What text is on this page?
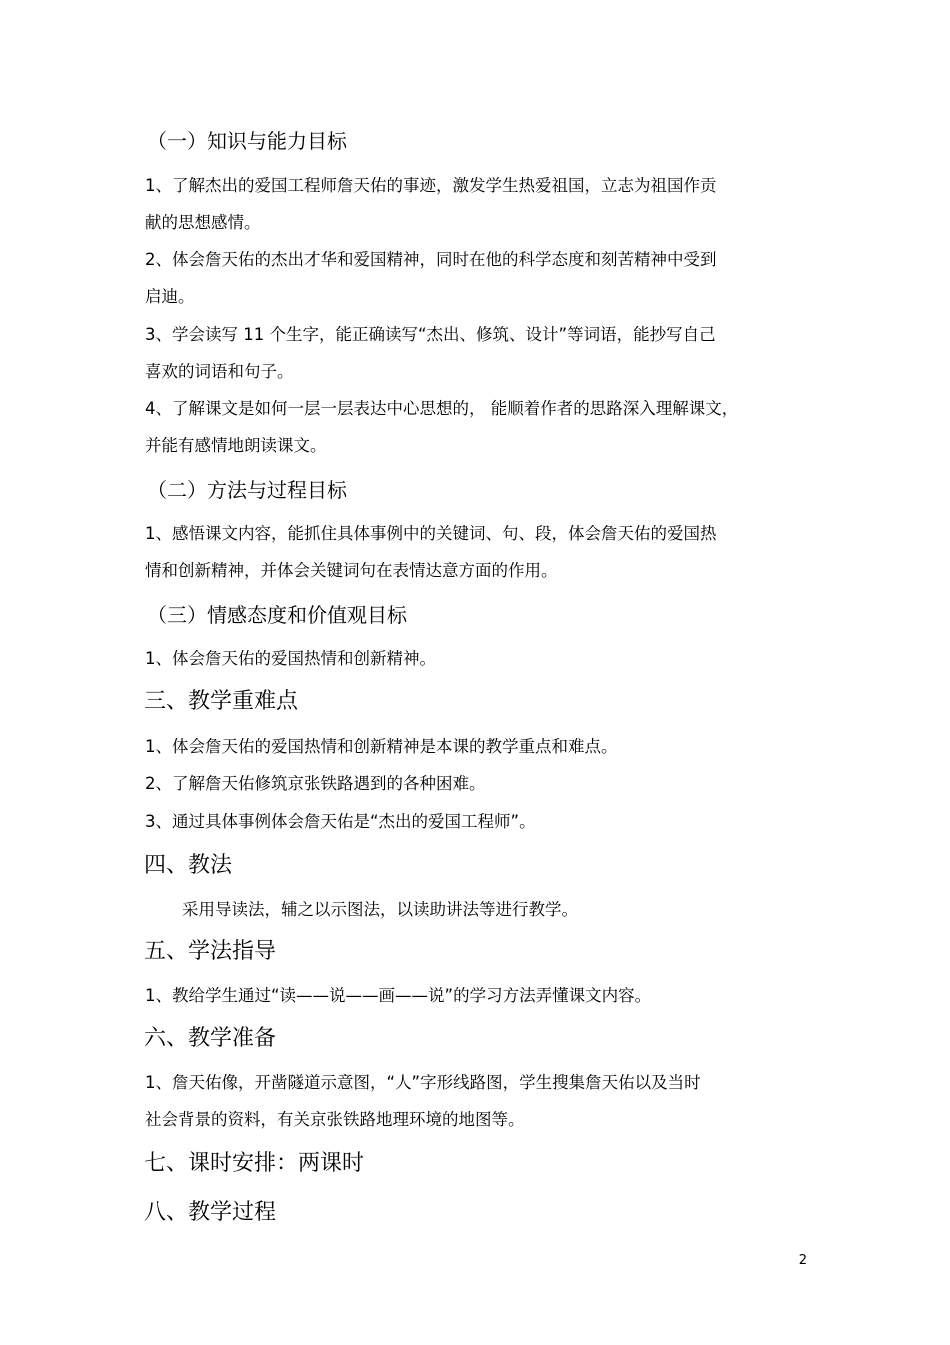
（一）知识与能力目标
1、了解杰出的爱国工程师詹天佑的事迹，激发学生热爱祖国，立志为祖国作贡
献的思想感情。
2、体会詹天佑的杰出才华和爱国精神，同时在他的科学态度和刻苦精神中受到
启迪。
3、学会读写 11 个生字，能正确读写“杰出、修筑、设计”等词语，能抄写自己
喜欢的词语和句子。
4、了解课文是如何一层一层表达中心思想的， 能顺着作者的思路深入理解课文，
并能有感情地朗读课文。
（二）方法与过程目标
1、感悟课文内容，能抓住具体事例中的关键词、句、段，体会詹天佑的爱国热
情和创新精神，并体会关键词句在表情达意方面的作用。
（三）情感态度和价值观目标
1、体会詹天佑的爱国热情和创新精神。
三、教学重难点
1、体会詹天佑的爱国热情和创新精神是本课的教学重点和难点。
2、了解詹天佑修筑京张铁路遇到的各种困难。
3、通过具体事例体会詹天佑是“杰出的爱国工程师”。
四、教法
采用导读法，辅之以示图法，以读助讲法等进行教学。
五、学法指导
1、教给学生通过“读——说——画——说”的学习方法弄懂课文内容。
六、教学准备
1、詹天佑像，开凿隧道示意图，“人”字形线路图，学生搜集詹天佑以及当时
社会背景的资料，有关京张铁路地理环境的地图等。
七、课时安排：两课时
八、教学过程
2
